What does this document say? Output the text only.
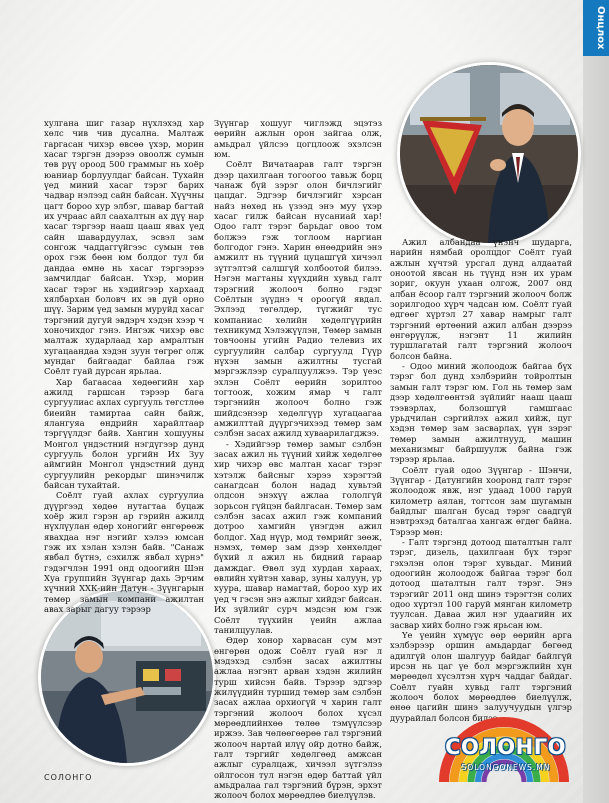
Онцлох

хулгана шиг газар нүхлэхэд хар хөлс чив чив дусална. Малтаж гаргасан чихэр өвсөө үхэр, морин хасаг тэргэн дээрээ овоолж сумын төв рүү ороод 500 граммыг нь хоёр юаниар борлуулдаг байсан. Тухайн үед миний хасаг тэрэг барих чадвар нэлээд сайн байсан. Хүүчны цагт бороо хур элбэг, шавар багтай их учраас айл саахалтын ах дүү нар хасаг тэргээр нааш цааш явах үед сайн шавардуулах, эсвэл зам сонгож чаддаггүйгээс сумын төв орох гэж бөөн юм болдог тул би дандаа өмнө нь хасаг тэргээрээ замчилдаг байсан. Үхэр, морин хасаг тэрэг нь хэдийгээр хархаад хялбархан боловч их эв дүй орно шүү. Зарим үед замын муруйд хасаг тэргэний дугуй эвдэрч хэдэн хээр ч хоночихдог гэнэ. Ингэж чихэр өвс малтаж хударлаад хар амралтын хугацаандаа хэдэн зуун төгрөг олж мундаг байгаадаг байлаа гэж Соёлт гуай дурсан ярьлаа.

Хар багаасаа хөдөөгийн хар ажилд гаршсан тэрээр бага сургуулиас ахлах сургууль төгстлөө биеийн тамиртаа сайн байж, ялангуяа өндрийн харайлтаар тэргүүлдэг байв. Хангин хошууны Монгол үндэстний нэгдүгээр дунд сургууль болон ургийн Их Зуу аймгийн Монгол үндэстний дунд сургуулийн рекордыг шинэчилж байсан тухайтай.

Соёлт гуай ахлах сургуулиа дүүргээд хөдөө нутагтаа буцаж хоёр жил гэрэн ар гэрийн ажилд нүхлүулан өдөр хоногийг өнгөрөөж явахдаа нэг нэгийг хэлээ юмсан гэж их хэлан хэлэн байв. "Санаж явбал бүтнэ, сэхилж явбал хүрнэ" гэдэгчлэн 1991 онд одоогийн Шэн Хуа группийн Зүүнгар дахь Эрчим хүчний ХХК-ийн Датун - Зүүнгарын төмөр замын компани ажилтан авах зарыг дагуу тэрээр

Зүүнгар хошууг чиглэжд эцэтэз өөрийн ажлын орон зайгаа олж, амьдрал үйлсээ цогцлоож эхэлсэн юм.

Соёлт Вичатаарав галт тэргэн дээр цахилгаан тогоогоо тавьж борц чанаж бүй зэрэг олон бичлэгийг цацдаг. Эдгээр бичлэгийг хэрсан найз нөхөд нь үзээд энэ муу үхэр хасаг гилж байсан нусаниай хар! Одоо галт тэрэг барьдаг овоо том болжээ гэж тоглоом наргиан болгодог гэнэ. Харин өнөөдрийн энэ амжилт нь түүний цуцашгүй хичээл зүтгэлтэй салшгүй холбоотой билээ. Нэгэн магтаны хүүхдийн хувьд галт тэрэгний жолооч болно гэдэг Соёлтын зүүднэ ч ороогүй явдал. Эхлээд төгөлдөр, түгжийг тус компаниас хөлийн хөдөлгүүрийн техникумд Хэлэжүүлэн, Төмөр замын товчооны угийн Радио телевиз их сургуулийн салбар сургуулд Гүүр нүхэн замын ажилтны тусгай мэргэжлээр суралцуулжээ. Тэр үеэс эхлэн Соёлт өөрийн зорилтоо тогтоож, хожим ямар ч галт тэргэнийн жолооч болно гэж шийдсэнээр хөдөлгүүр хугацаагаа амжилттай дүүргэчихээд төмөр зам сэлбэн засах ажилд хуваарилагджээ.

- Хэдийгээр төмөр замыг сэлбэн засах ажил нь түүний хийж хөдөлгөө хир чихэр өвс малтан хасаг тэрэг хэтэлж байсныг хэрээ хэрэгтэй санагдсан болон надад хувьтэй олдсон энэхүү ажлаа гололгүй зорьсон гүйцэн байлгасан. Төмөр зам сэлбэн засах ажил гэж компаний дотроо хамгийн үнэгдэн ажил болдог. Хад нүүр, мод төмрийг зөөж, нэмэх, төмөр зам дээр хөнхөлдөг бүхий л ажил нь бидний гараар дамждаг. Өвөл зуд хурдан хараах, өвлийн хүйтэн хавар, зуны халуун, ур хуура, шавар намагтай, бороо хур их үед ч гэсэн энэ ажлыг хийдэг байсан. Их зүйлийг сурч мэдсэн юм гэж Соёлт түүхийн үеийн ажлаа танилцуулав.

Өдөр хонор харвасан сум мэт өнгөрөн одож Соёлт гуай нэг л мэдэхэд сэлбэн засах ажилтны ажлаа нэгэнт арван хэдэн жилийн турш хийсэн байв. Тэрээр эдгээр жилүүдийн туршид төмөр зам сэлбэн засах ажлаа орхиогүй ч харин галт тэргэний жолооч болох хүсэл мөрөөдлийнхөө төлөө тэмүүлсээр иржээ. Зав чөлөөгөөрөө гал тэргэний жолооч нартай илүү ойр дотно байж, галт тэргийг хөдөлгөөд амжсан ажлыг суралцаж, хичээл зүтгэлээ ойлгосон тул нэгэн өдөр баттай үйл амьдралаа гал тэргэний бүрэн, эрхэт жолооч болох мөрөөдлөө биелүүлэв.

Ажил албандаа үнэнч шударга, нарийн нямбай оролцдог Соёлт гуай ажлын хүчтэй урсгал дунд алдаатай оноотой явсан нь түүнд нэн их урам зориг, окуун ухаан олгож, 2007 онд албан ёсоор галт тэргэний жолооч болж зорилгодоо хүрч чадсан юм. Соёлт гуай өдгөөг хүртэл 27 хавар намрыг галт тэргэний өртөөний ажил албан дээрээ өнгөрүүлж, нэгэнт 11 жилийн туршлагатай галт тэргэний жолооч болсон байна.

- Одоо миний жолоодож байгаа бүх тэрэг бол дунд хэлбэрийн тойролтын замын галт тэрэг юм. Гол нь төмөр зам дээр хөдөлгөөнтэй зүйлийг нааш цааш тээвэрлах, болзошгүй гамшгаас урьдчилан сэргийлэх ажил хийж, цуг хэдэн төмөр зам засварлах, үүн зэрэг төмөр замын ажилтнууд, машин механизмыг байршуулж байна гэж тэрээр ярьлаа.

Соёлт гуай одоо Зүүнгар - Шэнчи, Зүүнгар - Датунгийн хооронд галт тэрэг жолоодож явж, нэг удаад 1000 гаруй километр аялан, тогтсон зам шугамын байдлыг шалган бусад тэрэг саадгүй нэвтрэхэд баталгаа хангаж өгдөг байна. Тэрээр мөн:

- Галт тэргэнд дотоод шаталтын галт тэрэг, дизель, цахилгаан бүх тэрэг гэхэлэн олон тэрэг хувьдаг. Миний одоогийн жолоодож байгаа тэрэг бол дотоод шаталтын галт тэрэг. Энэ тэрэгийг 2011 онд шинэ тэрэгтэн солих одоо хүртэл 100 гаруй мянган километр туулсан. Даваа жил нэг удаагийн их засвар хийх болно гэж ярьсан юм.

Үе үеийн хүмүүс өөр өөрийн арга хэлбэрээр оршин амьдардаг бөгөөд адилгүй олон шалгуур байдаг байлгүй ирсэн нь цаг үе бол мэргэжлийн хүн мөрөөдөл хүсэлтэн хүрч чаддаг байдаг. Соёлт гуайн хувьд галт тэргэний жолооч болох мөрөөдлөө биелүүлж, өнөө цагийн шинэ залуучуудын үлгэр дуурайлал болсон билээ.

СОЛОНГО
СОЛОНГО
SOLONGONEWS.MN
